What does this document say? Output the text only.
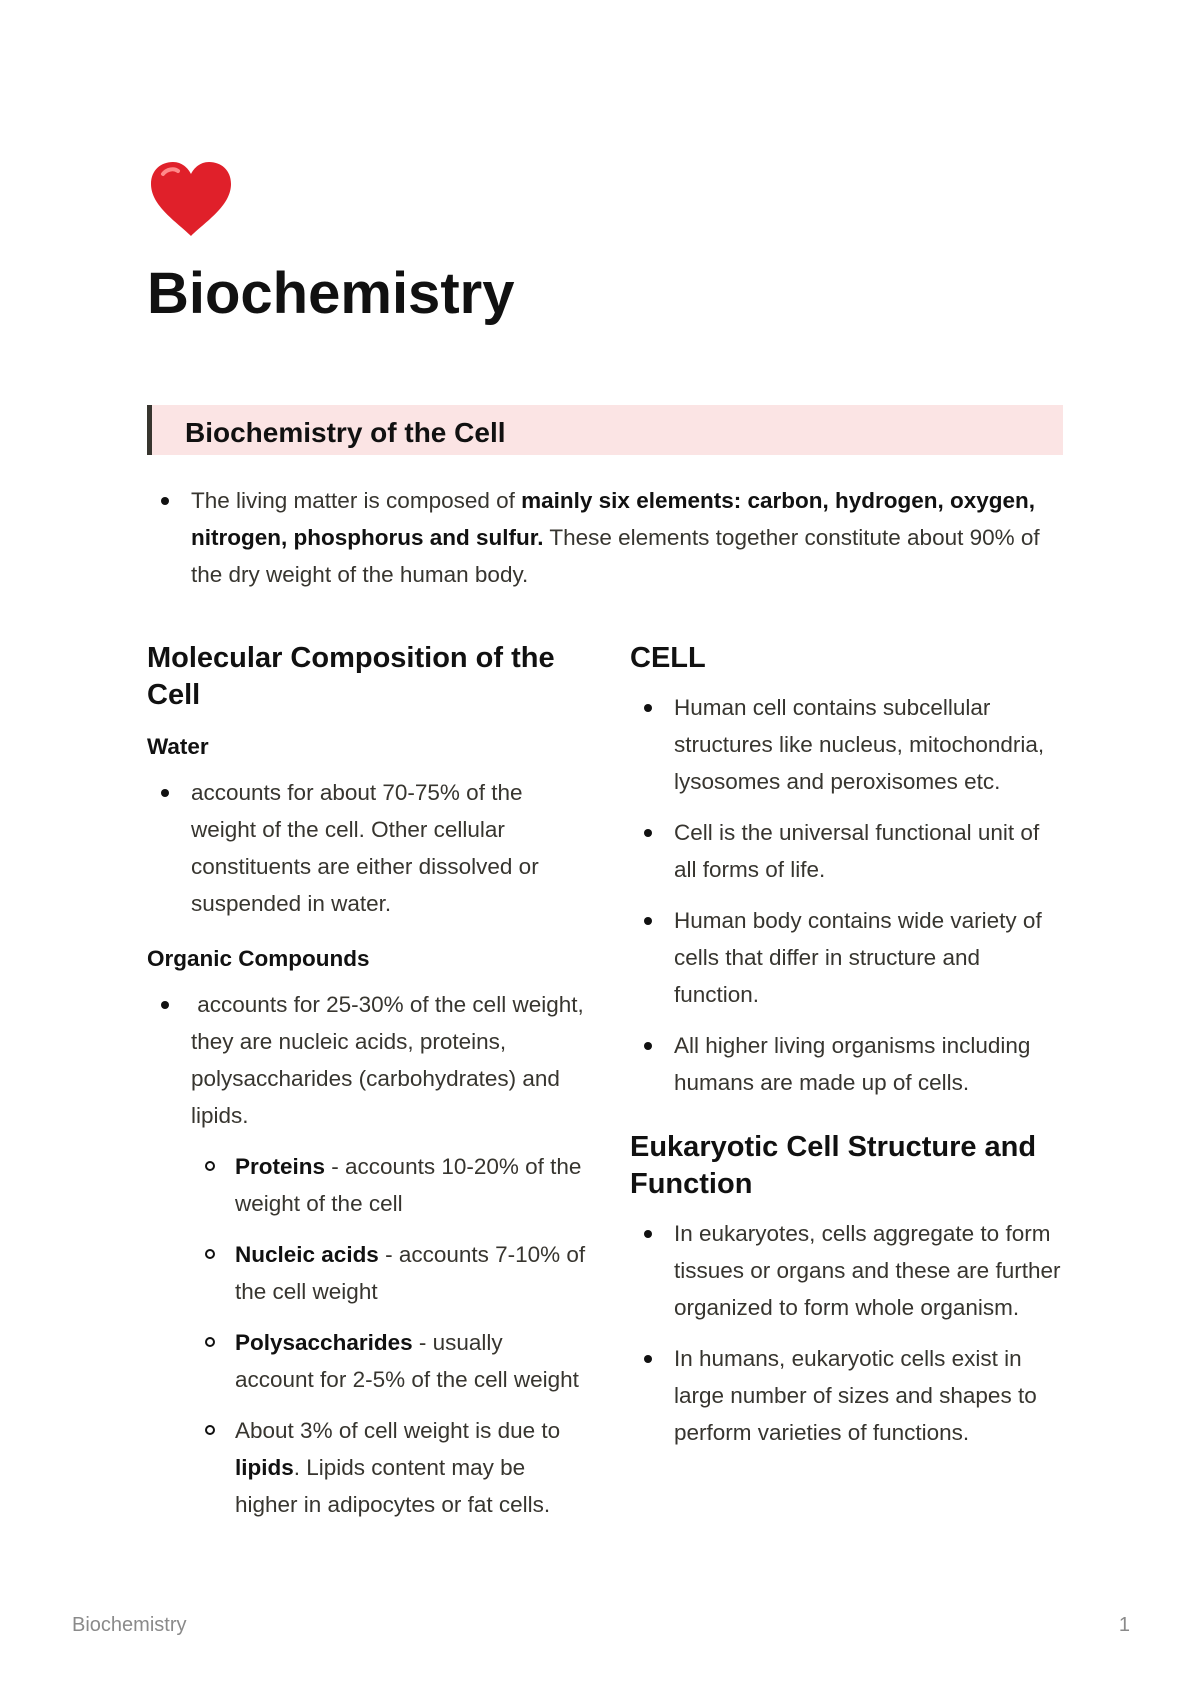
Biochemistry
Biochemistry of the Cell
The living matter is composed of mainly six elements: carbon, hydrogen, oxygen, nitrogen, phosphorus and sulfur. These elements together constitute about 90% of the dry weight of the human body.
Molecular Composition of the Cell
Water
accounts for about 70-75% of the weight of the cell. Other cellular constituents are either dissolved or suspended in water.
Organic Compounds
accounts for 25-30% of the cell weight, they are nucleic acids, proteins, polysaccharides (carbohydrates) and lipids.
Proteins - accounts 10-20% of the weight of the cell
Nucleic acids - accounts 7-10% of the cell weight
Polysaccharides - usually account for 2-5% of the cell weight
About 3% of cell weight is due to lipids. Lipids content may be higher in adipocytes or fat cells.
CELL
Human cell contains subcellular structures like nucleus, mitochondria, lysosomes and peroxisomes etc.
Cell is the universal functional unit of all forms of life.
Human body contains wide variety of cells that differ in structure and function.
All higher living organisms including humans are made up of cells.
Eukaryotic Cell Structure and Function
In eukaryotes, cells aggregate to form tissues or organs and these are further organized to form whole organism.
In humans, eukaryotic cells exist in large number of sizes and shapes to perform varieties of functions.
Biochemistry	1
